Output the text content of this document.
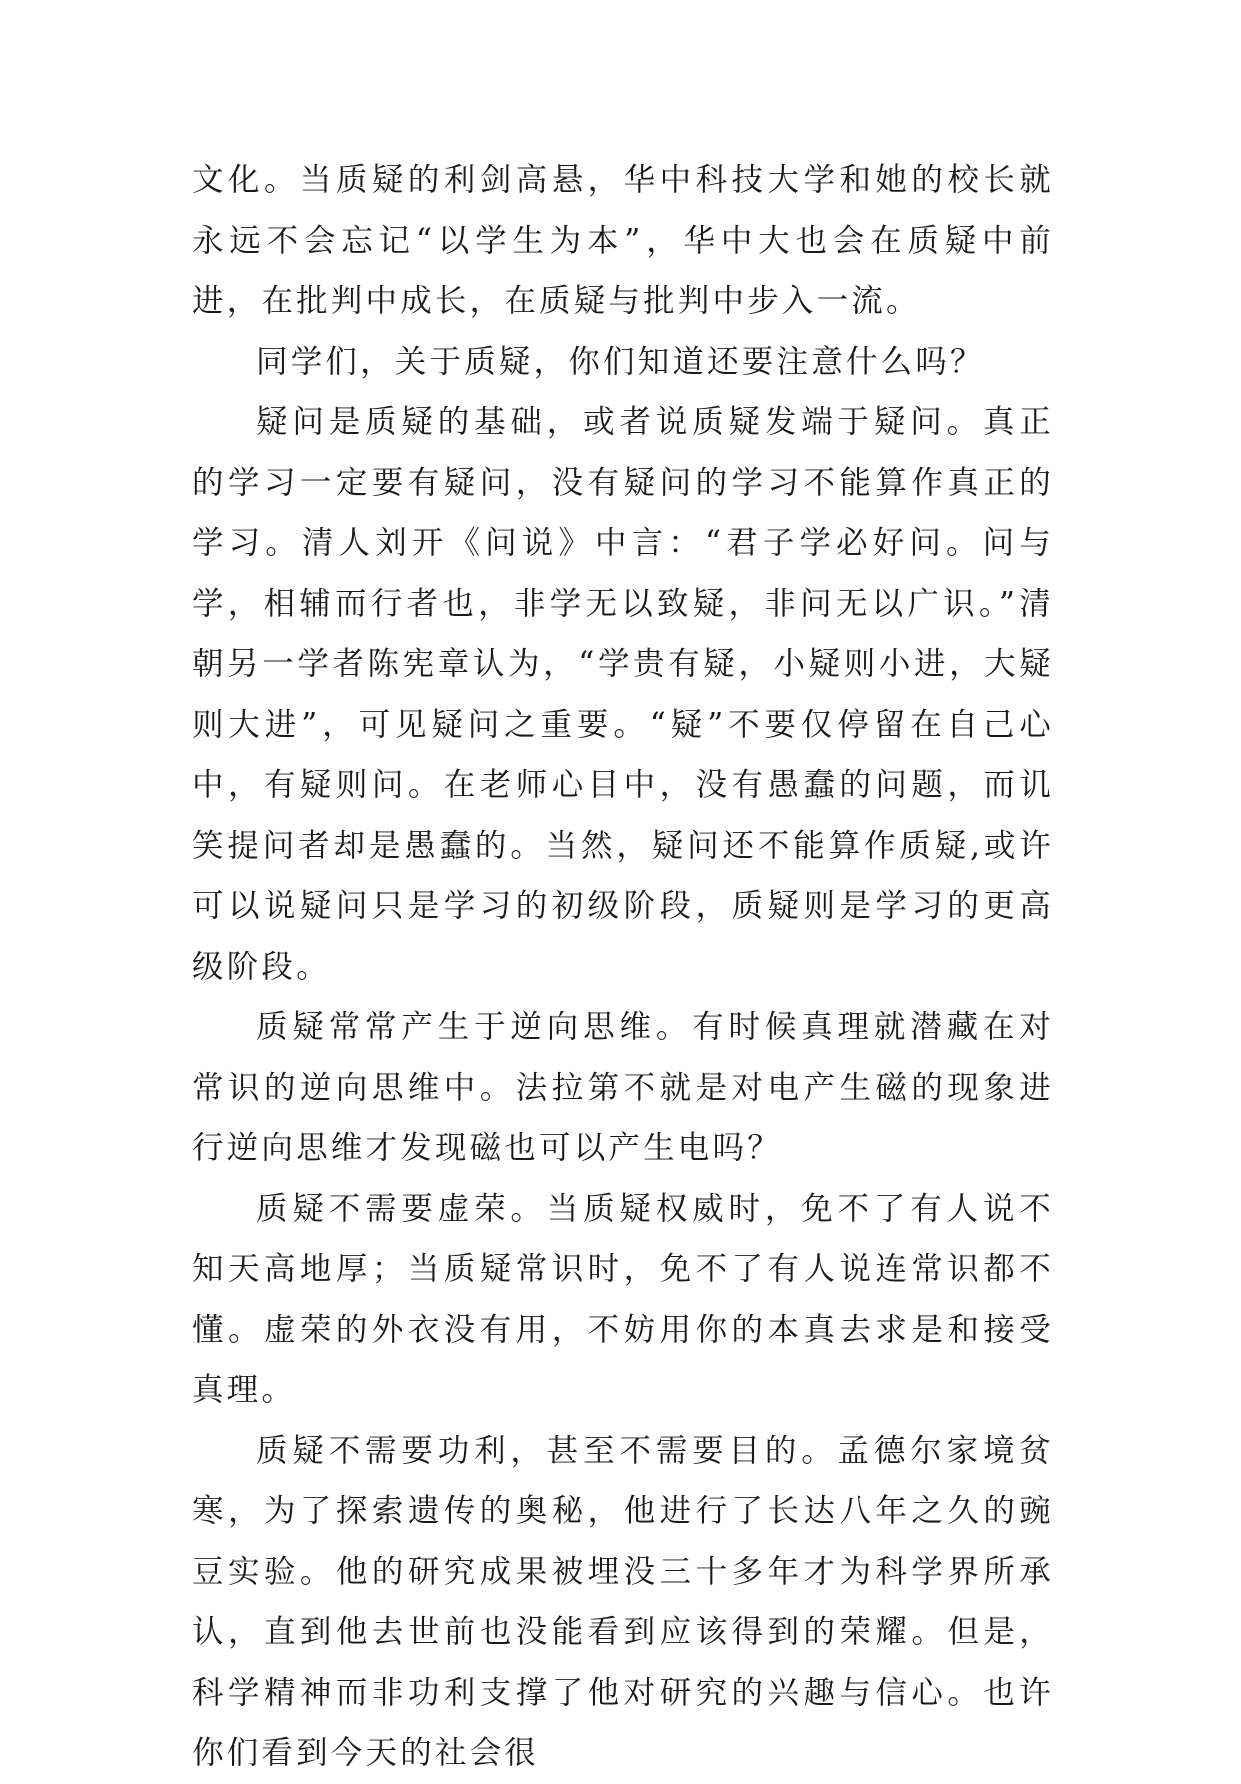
文化。当质疑的利剑高悬，华中科技大学和她的校长就永远不会忘记“以学生为本”，华中大也会在质疑中前进，在批判中成长，在质疑与批判中步入一流。

同学们，关于质疑，你们知道还要注意什么吗？

疑问是质疑的基础，或者说质疑发端于疑问。真正的学习一定要有疑问，没有疑问的学习不能算作真正的学习。清人刘开《问说》中言：“君子学必好问。问与学，相辅而行者也，非学无以致疑，非问无以广识。”清朝另一学者陈宪章认为，“学贵有疑，小疑则小进，大疑则大进”，可见疑问之重要。“疑”不要仅停留在自己心中，有疑则问。在老师心目中，没有愚蠢的问题，而讥笑提问者却是愚蠢的。当然，疑问还不能算作质疑,或许可以说疑问只是学习的初级阶段，质疑则是学习的更高级阶段。

质疑常常产生于逆向思维。有时候真理就潜藏在对常识的逆向思维中。法拉第不就是对电产生磁的现象进行逆向思维才发现磁也可以产生电吗？

质疑不需要虚荣。当质疑权威时，免不了有人说不知天高地厚；当质疑常识时，免不了有人说连常识都不懂。虚荣的外衣没有用，不妨用你的本真去求是和接受真理。

质疑不需要功利，甚至不需要目的。孟德尔家境贫寒，为了探索遗传的奥秘，他进行了长达八年之久的豌豆实验。他的研究成果被埋没三十多年才为科学界所承认，直到他去世前也没能看到应该得到的荣耀。但是，科学精神而非功利支撑了他对研究的兴趣与信心。也许你们看到今天的社会很
